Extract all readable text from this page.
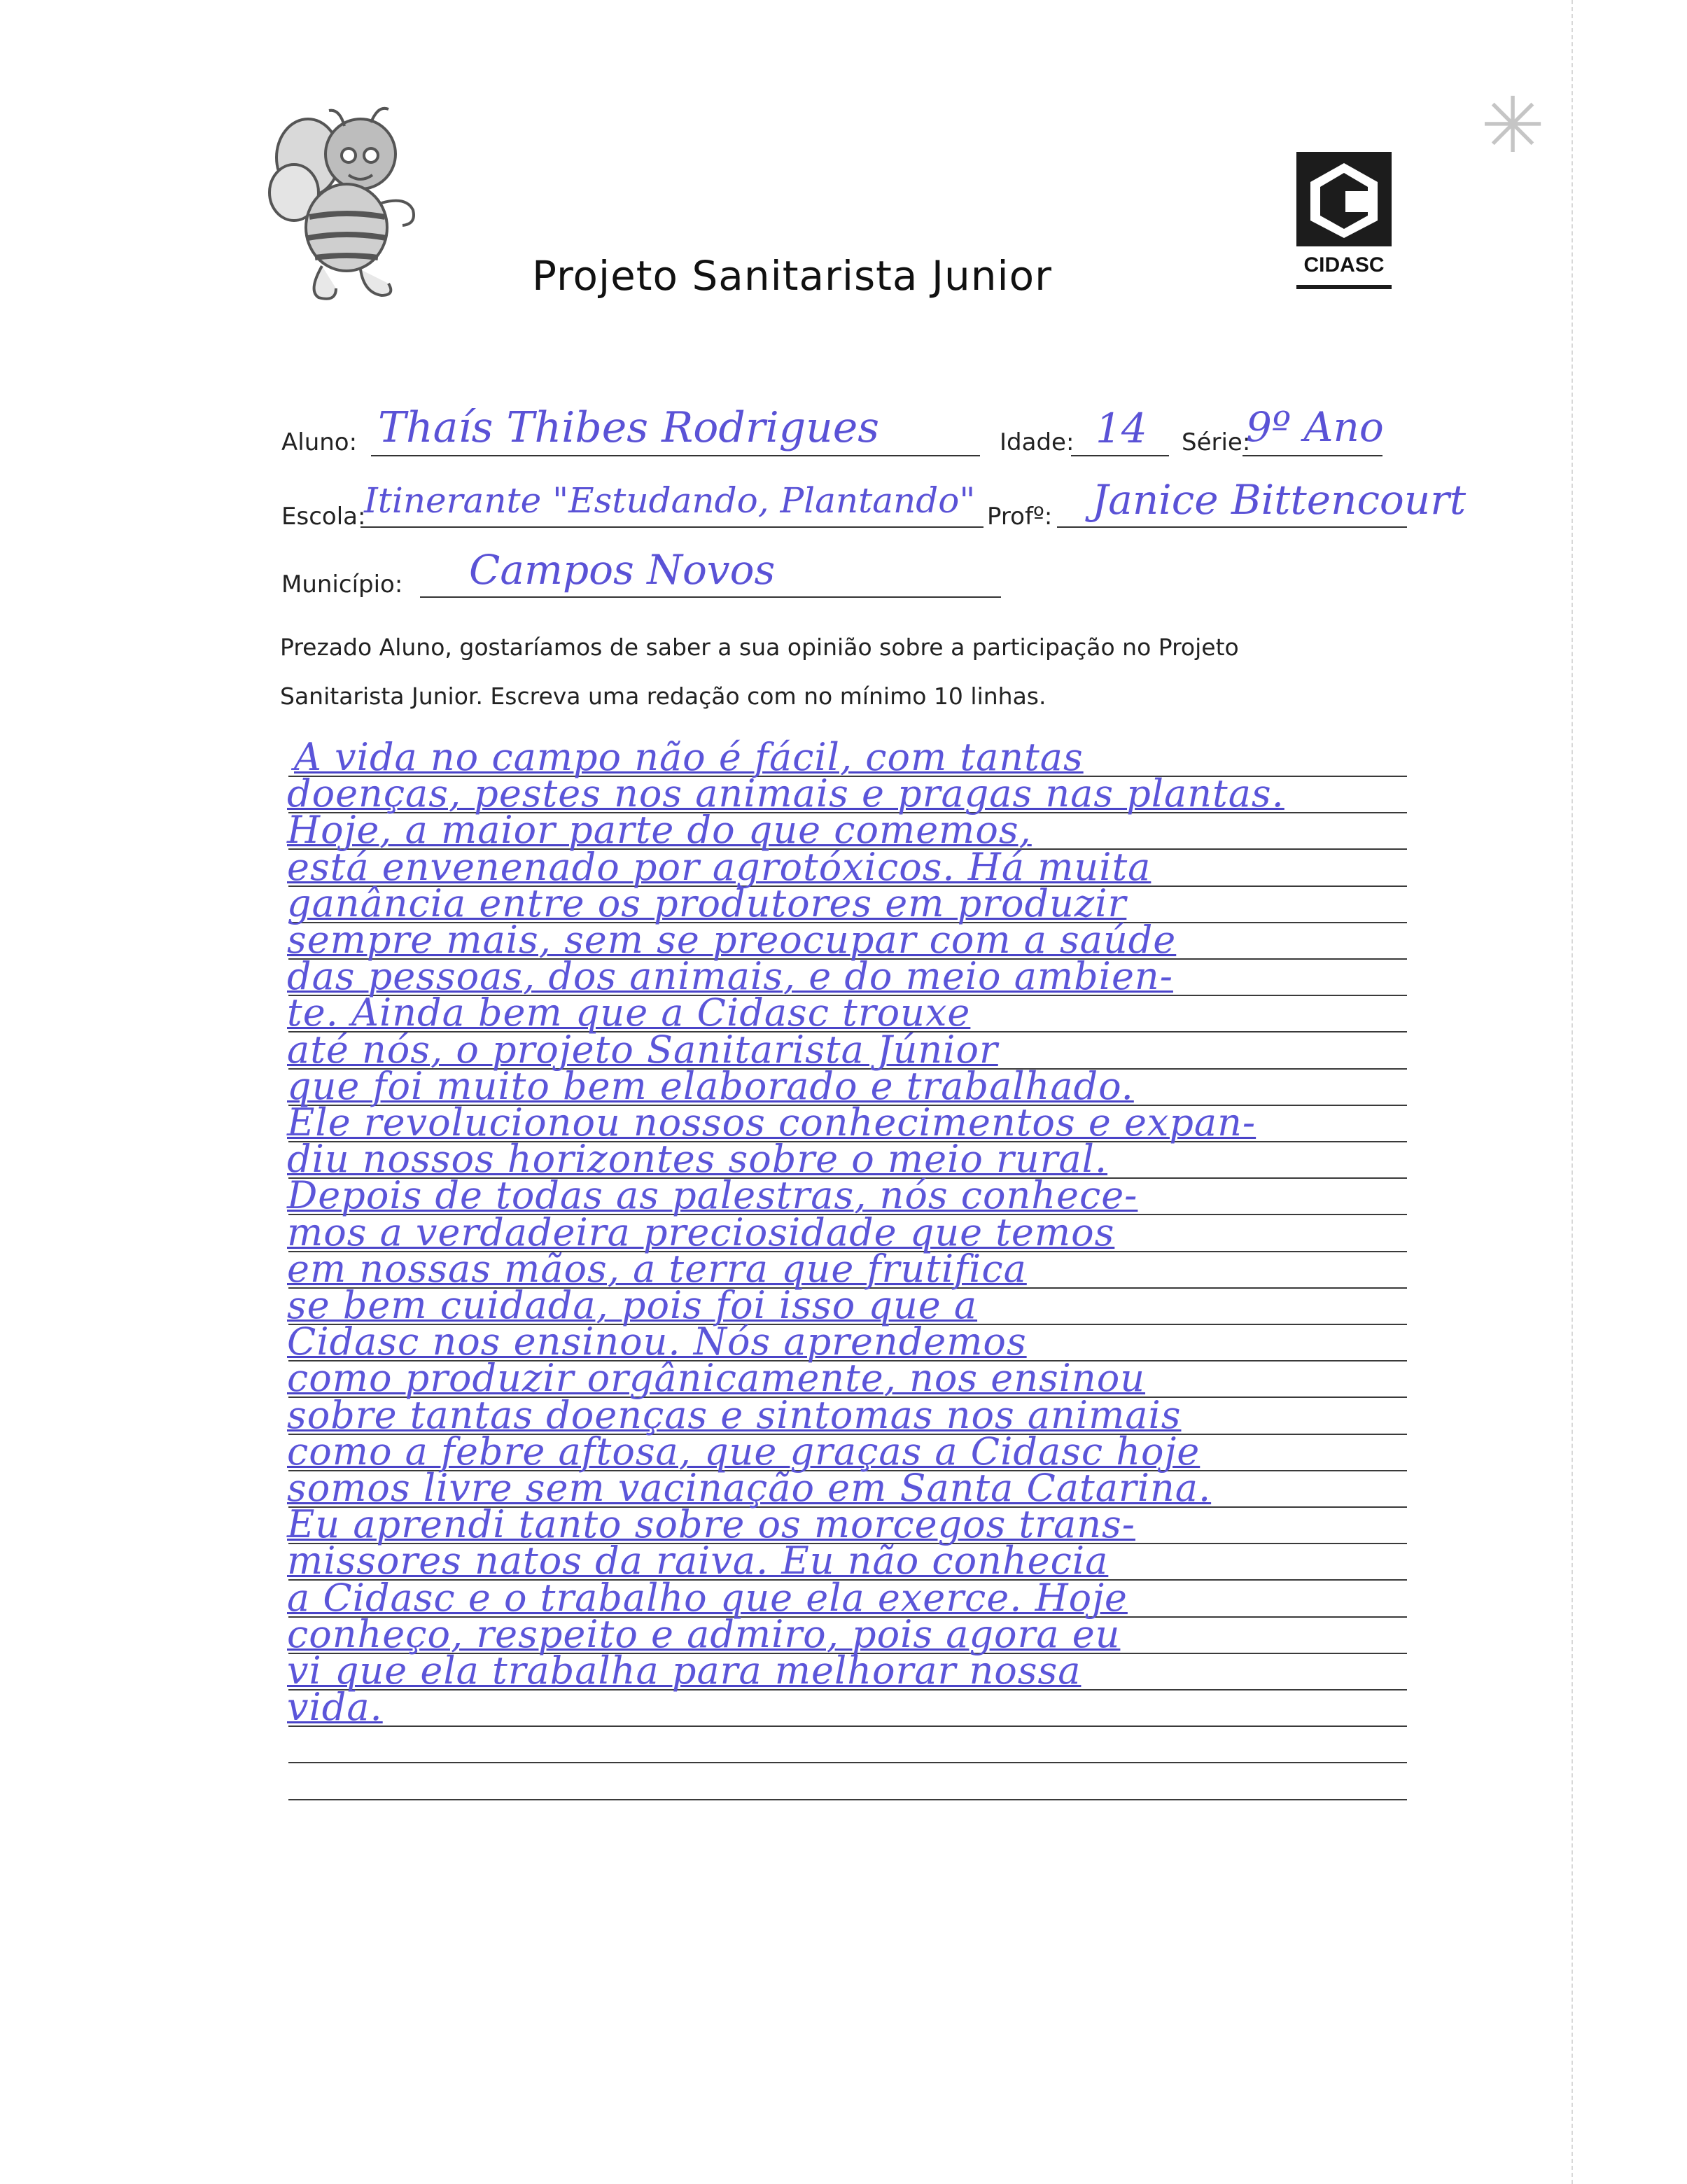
✳
Projeto Sanitarista Junior	CIDASC
Aluno: Thaís Thibes Rodrigues	Idade: 14 Série:
9º Ano
Escola:
Itinerante "Estudando, Plantando" Profº: Janice Bittencourt
Município: Campos Novos
Prezado Aluno, gostaríamos de saber a sua opinião sobre a participação no Projeto
Sanitarista Junior. Escreva uma redação com no mínimo 10 linhas.
A vida no campo não é fácil, com tantas
doenças, pestes nos animais e pragas nas plantas.
Hoje, a maior parte do que comemos,
está envenenado por agrotóxicos. Há muita
ganância entre os produtores em produzir
sempre mais, sem se preocupar com a saúde
das pessoas, dos animais, e do meio ambien-
te. Ainda bem que a Cidasc trouxe
até nós, o projeto Sanitarista Júnior
que foi muito bem elaborado e trabalhado.
Ele revolucionou nossos conhecimentos e expan-
diu nossos horizontes sobre o meio rural.
Depois de todas as palestras, nós conhece-
mos a verdadeira preciosidade que temos
em nossas mãos, a terra que frutifica
se bem cuidada, pois foi isso que a
Cidasc nos ensinou. Nós aprendemos
como produzir orgânicamente, nos ensinou
sobre tantas doenças e sintomas nos animais
como a febre aftosa, que graças a Cidasc hoje
somos livre sem vacinação em Santa Catarina.
Eu aprendi tanto sobre os morcegos trans-
missores natos da raiva. Eu não conhecia
a Cidasc e o trabalho que ela exerce. Hoje
conheço, respeito e admiro, pois agora eu
vi que ela trabalha para melhorar nossa
vida.
